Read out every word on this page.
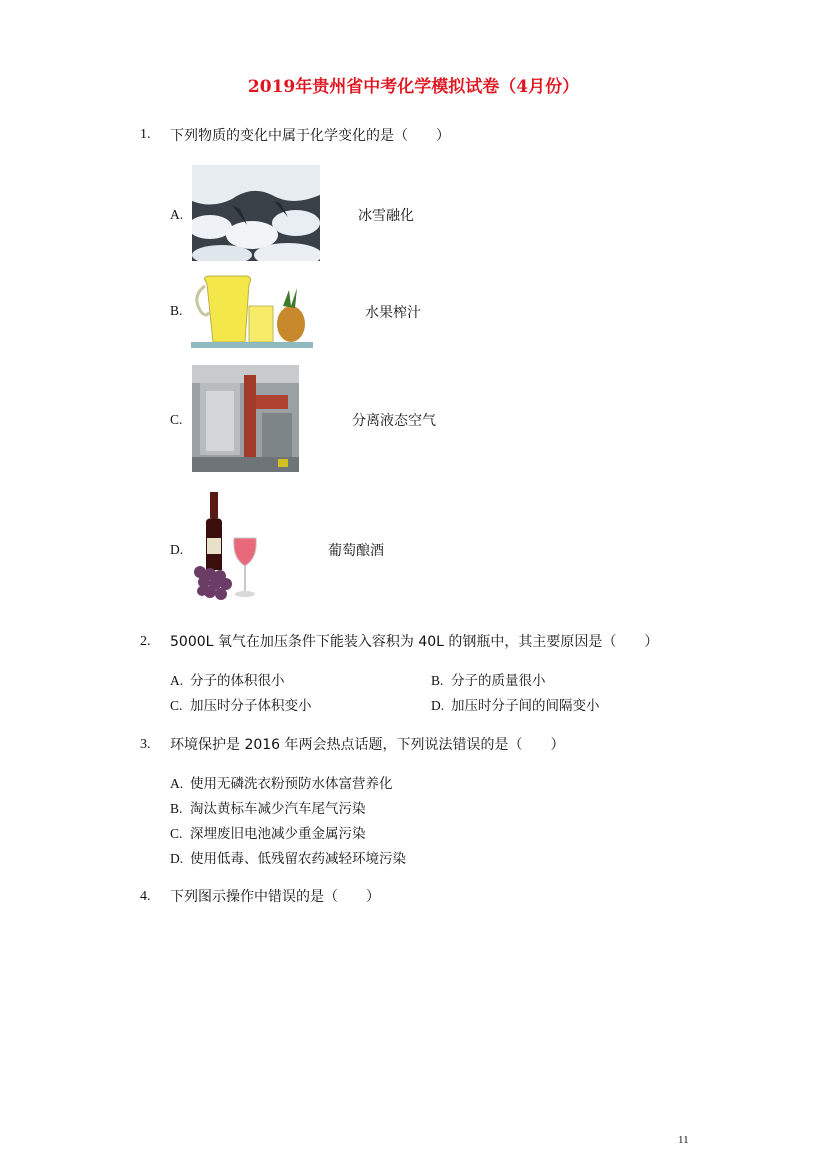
2019年贵州省中考化学模拟试卷（4月份）
1. 下列物质的变化中属于化学变化的是（　　）
A.	冰雪融化
B.	水果榨汁
C.	分离液态空气
D.	葡萄酿酒
2. 5000L 氧气在加压条件下能装入容积为 40L 的钢瓶中，其主要原因是（　　）
A. 分子的体积很小	B. 分子的质量很小
C. 加压时分子体积变小	D. 加压时分子间的间隔变小
3. 环境保护是 2016 年两会热点话题，下列说法错误的是（　　）
A. 使用无磷洗衣粉预防水体富营养化
B. 淘汰黄标车减少汽车尾气污染
C. 深埋废旧电池减少重金属污染
D. 使用低毒、低残留农药减轻环境污染
4. 下列图示操作中错误的是（　　）
11
